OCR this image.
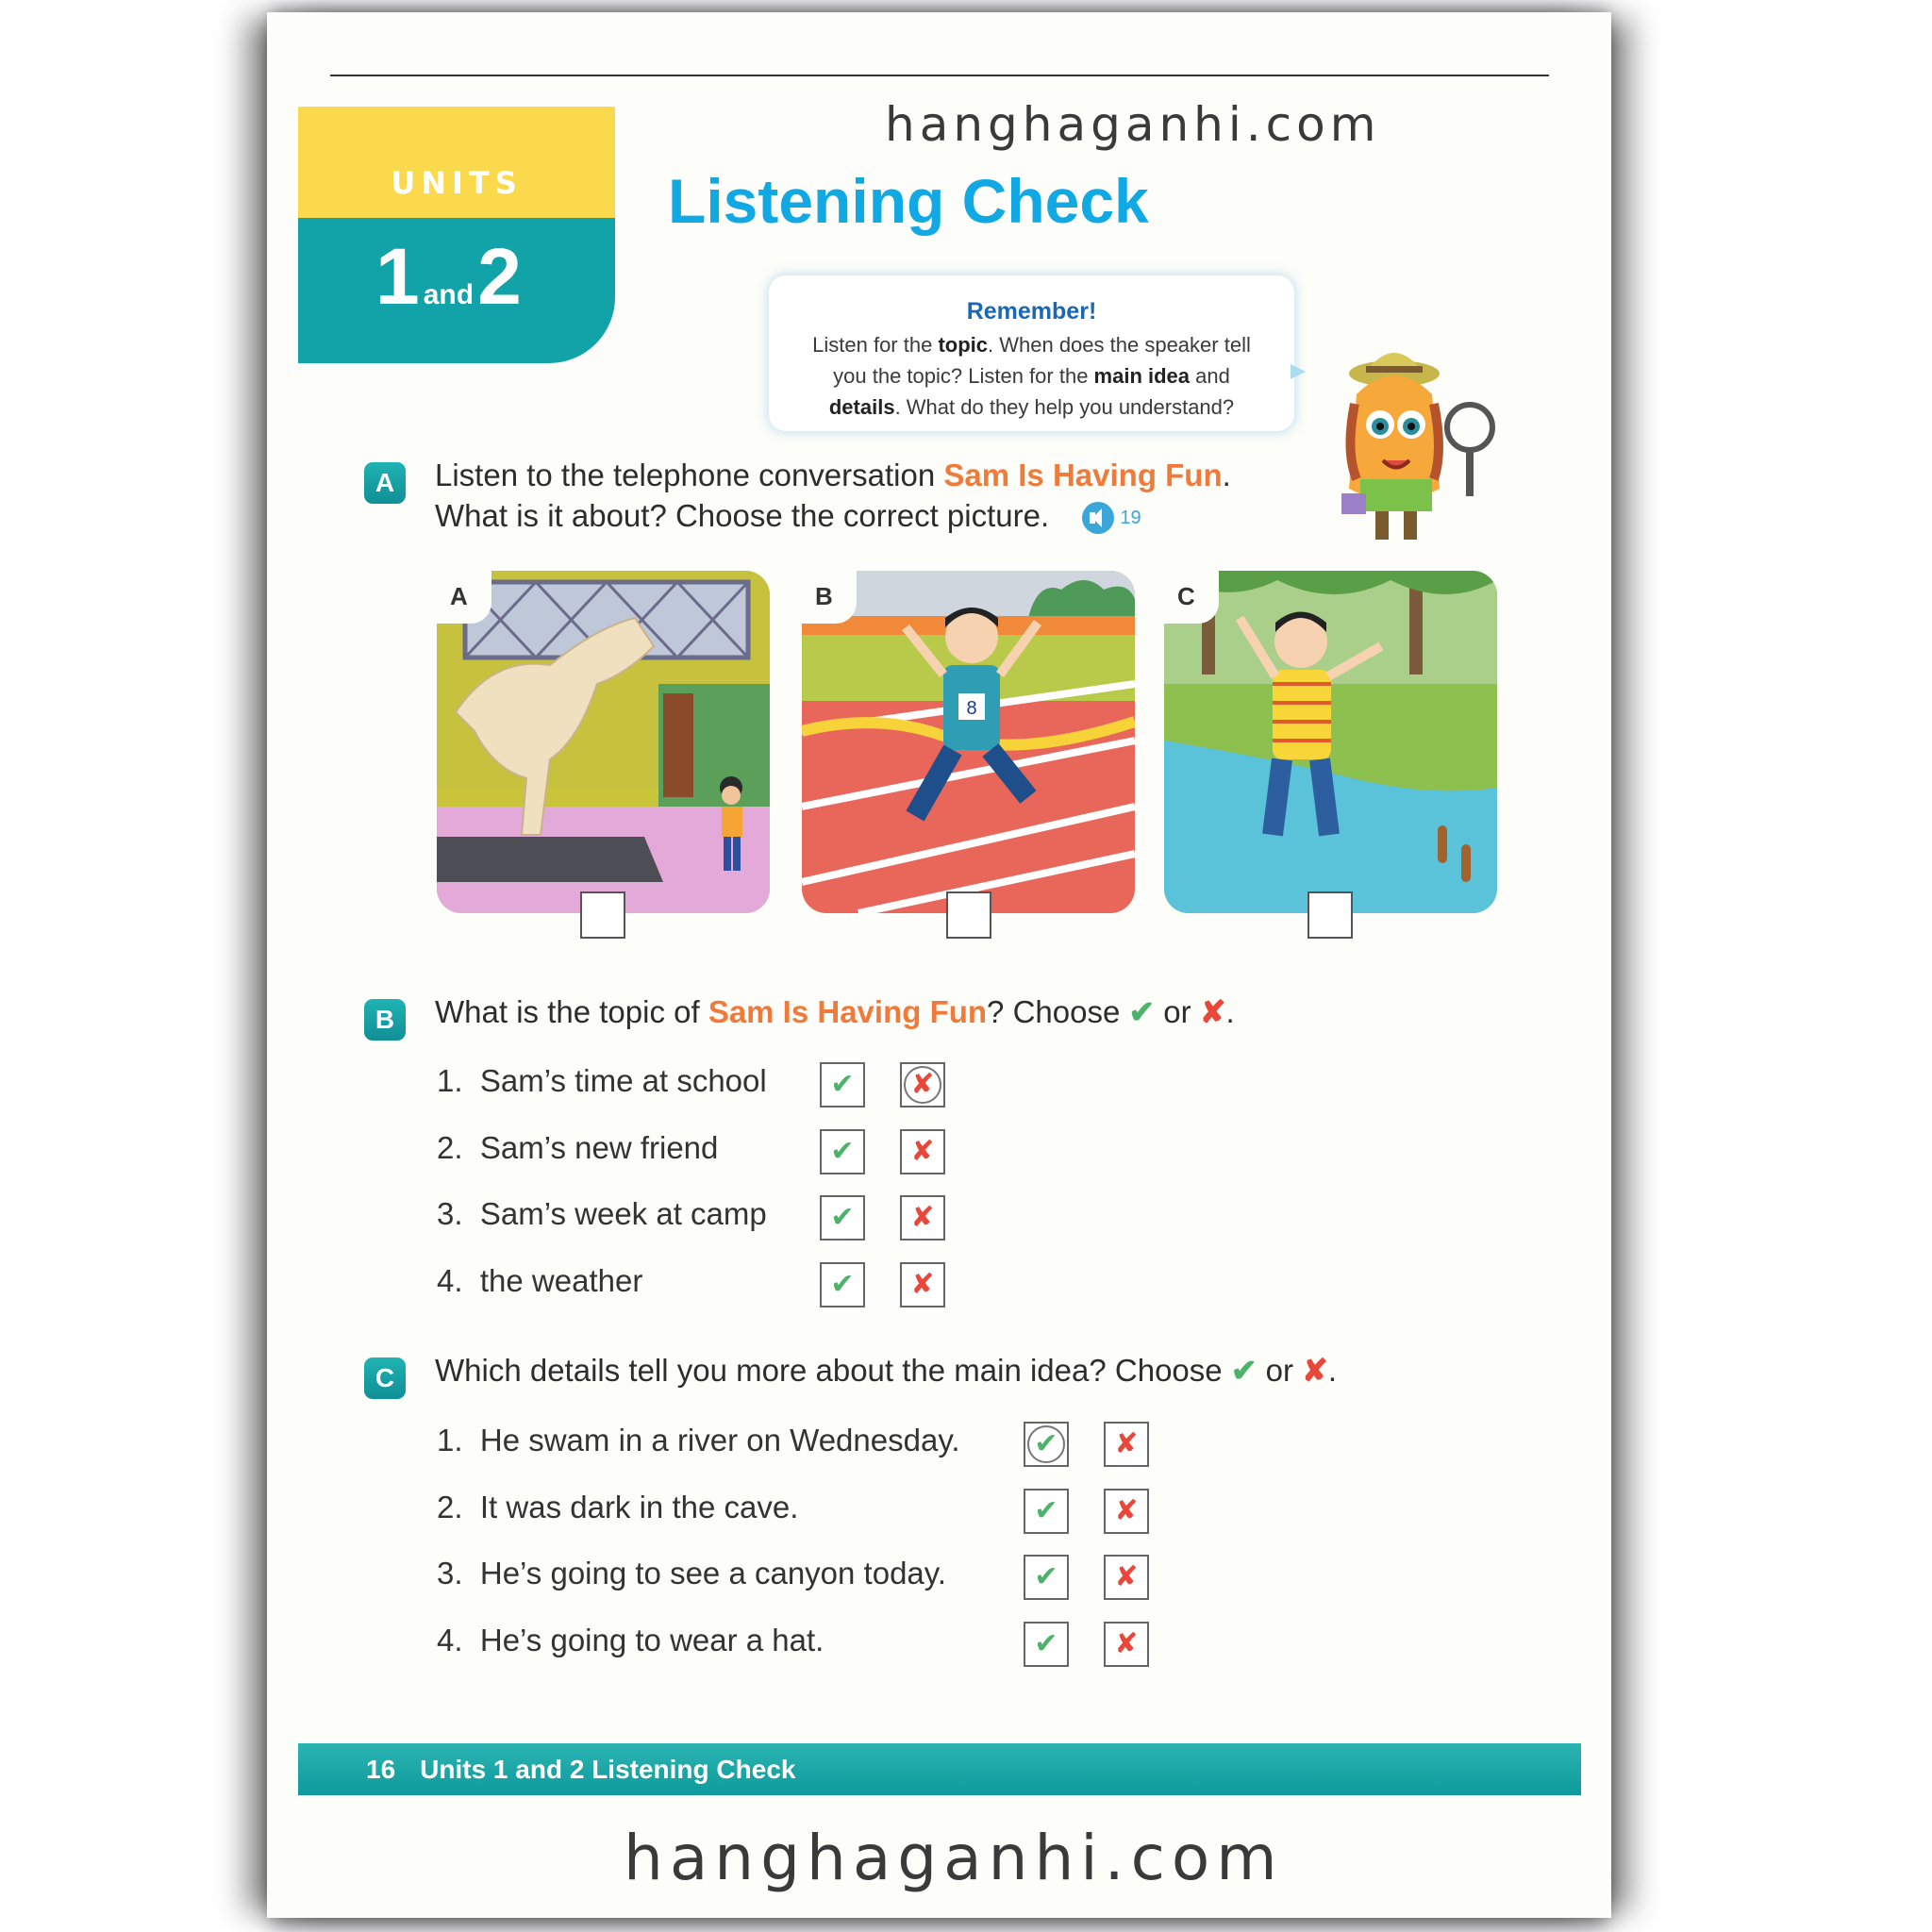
hanghaganhi.com
UNITS
1 and2
Listening Check
Remember!
Listen for the topic. When does the speaker tell
you the topic? Listen for the main idea and
details. What do they help you understand?
A	Listen to the telephone conversation Sam Is Having Fun.
What is it about? Choose the correct picture.	19
A
8
B	C
B	What is the topic of Sam Is Having Fun? Choose ✔ or ✘.
1. Sam’s time at school	✔	✘
2. Sam’s new friend	✔	✘
3. Sam’s week at camp	✔	✘
4. the weather	✔	✘
C	Which details tell you more about the main idea? Choose ✔ or ✘.
1. He swam in a river on Wednesday.	✔	✘
2. It was dark in the cave.	✔	✘
3. He’s going to see a canyon today.	✔	✘
4. He’s going to wear a hat.	✔	✘
16 Units 1 and 2 Listening Check
hanghaganhi.com
